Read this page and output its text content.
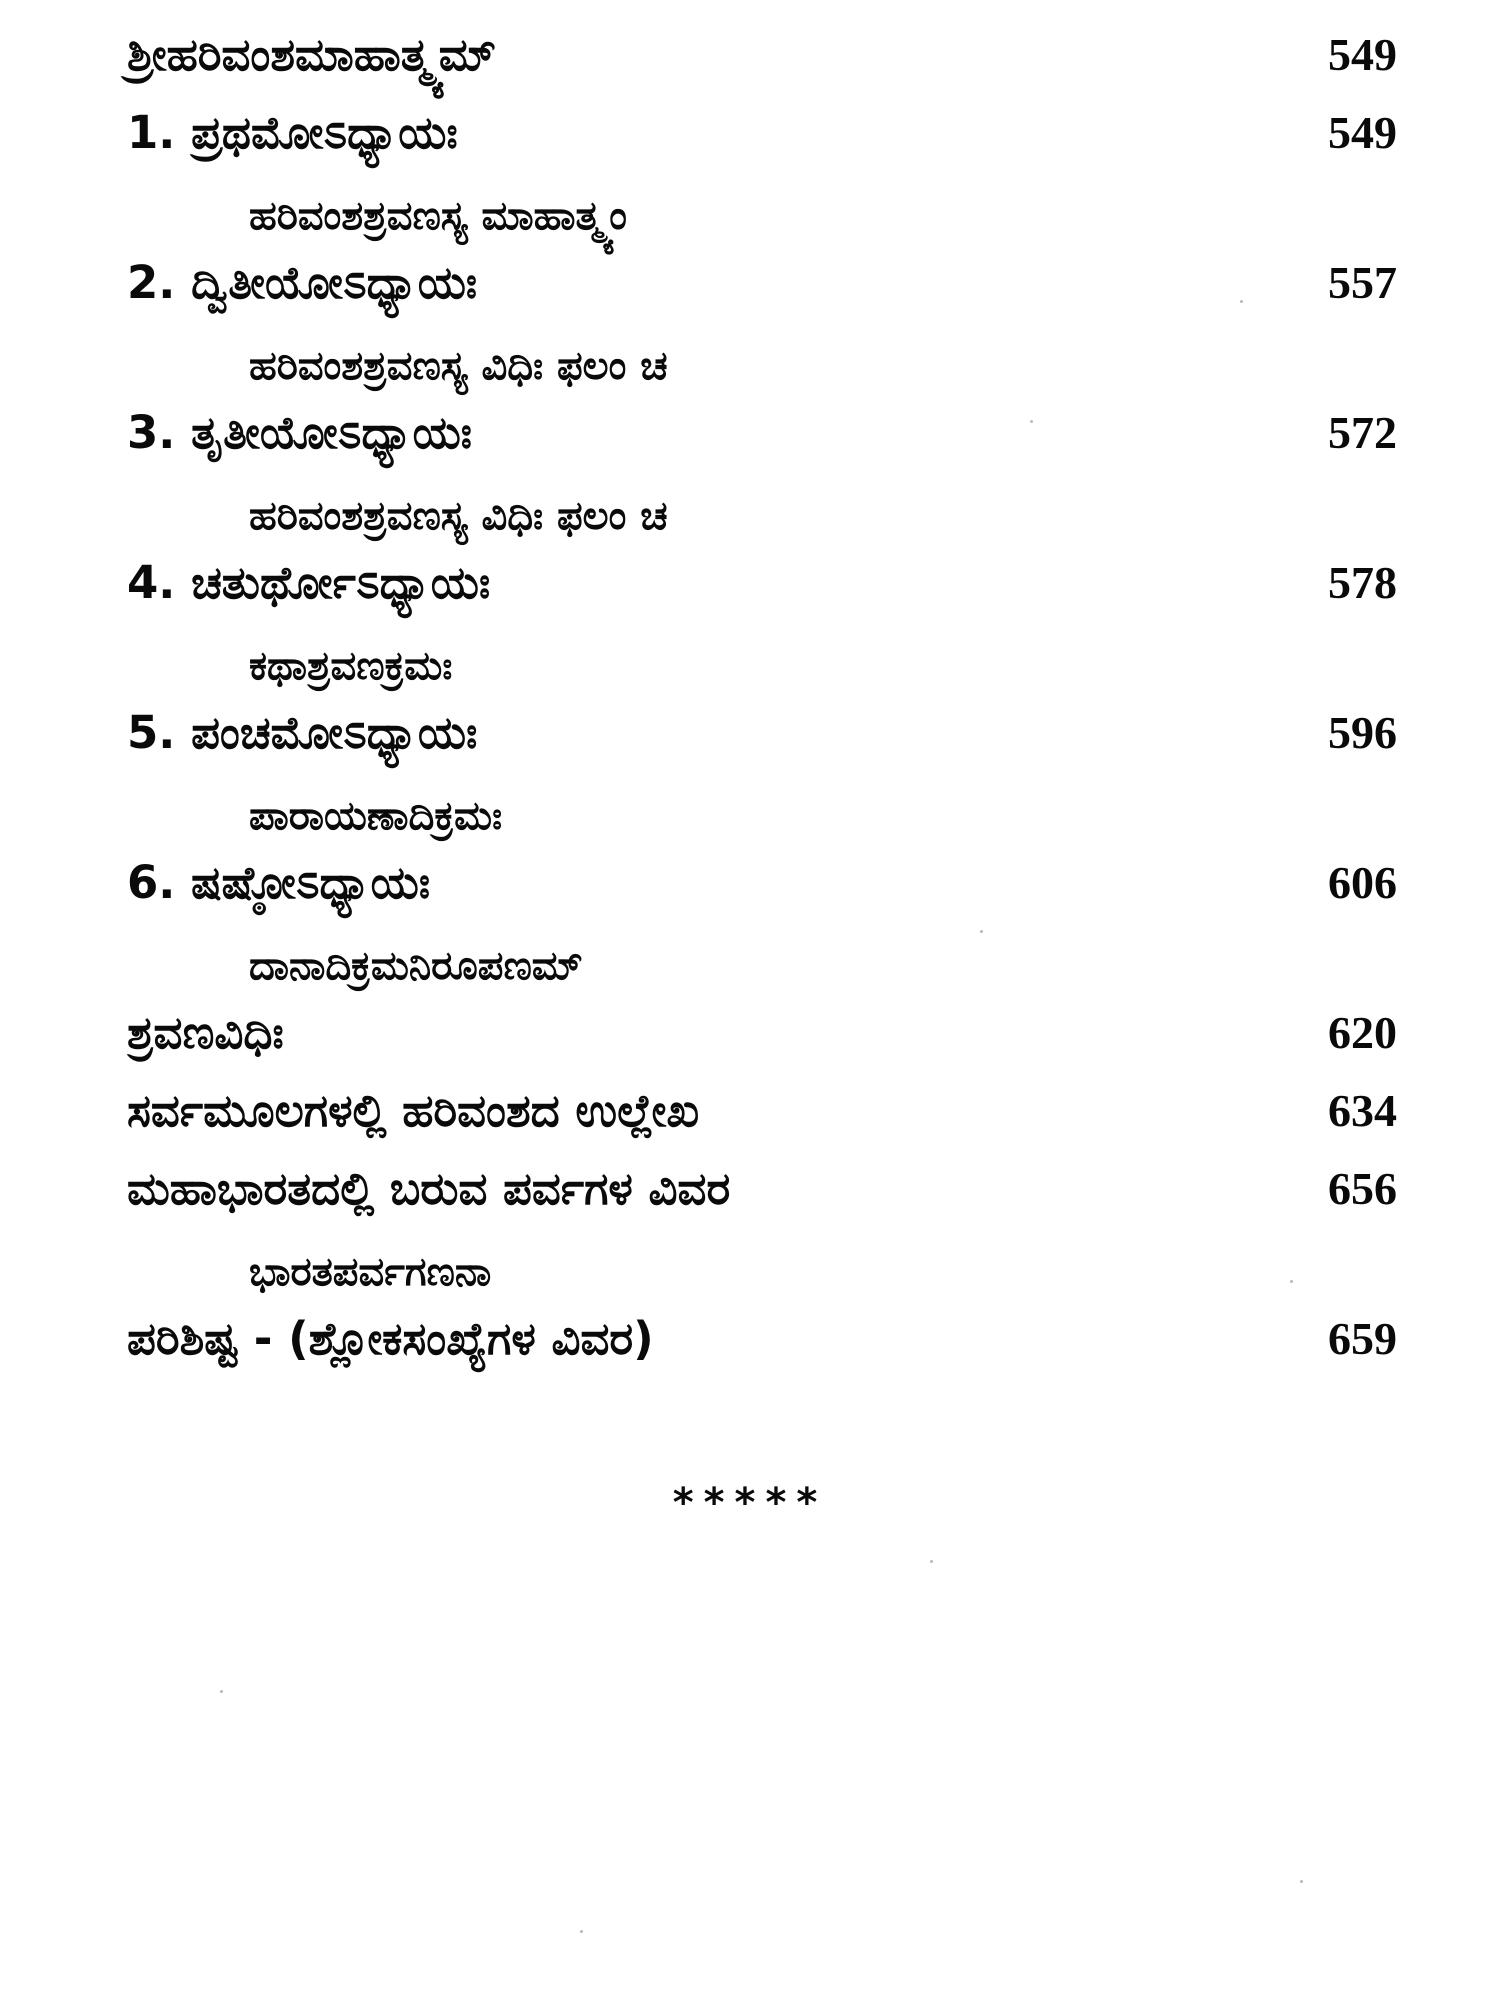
ಶ್ರೀಹರಿವಂಶಮಾಹಾತ್ಮ್ಯಮ್	549
1. ಪ್ರಥಮೋಽಧ್ಯಾಯಃ	549
ಹರಿವಂಶಶ್ರವಣಸ್ಯ ಮಾಹಾತ್ಮ್ಯಂ
2. ದ್ವಿತೀಯೋಽಧ್ಯಾಯಃ	557
ಹರಿವಂಶಶ್ರವಣಸ್ಯ ವಿಧಿಃ ಫಲಂ ಚ
3. ತೃತೀಯೋಽಧ್ಯಾಯಃ	572
ಹರಿವಂಶಶ್ರವಣಸ್ಯ ವಿಧಿಃ ಫಲಂ ಚ
4. ಚತುರ್ಥೋಽಧ್ಯಾಯಃ	578
ಕಥಾಶ್ರವಣಕ್ರಮಃ
5. ಪಂಚಮೋಽಧ್ಯಾಯಃ	596
ಪಾರಾಯಣಾದಿಕ್ರಮಃ
6. ಷಷ್ಠೋಽಧ್ಯಾಯಃ	606
ದಾನಾದಿಕ್ರಮನಿರೂಪಣಮ್
ಶ್ರವಣವಿಧಿಃ	620
ಸರ್ವಮೂಲಗಳಲ್ಲಿ ಹರಿವಂಶದ ಉಲ್ಲೇಖ	634
ಮಹಾಭಾರತದಲ್ಲಿ ಬರುವ ಪರ್ವಗಳ ವಿವರ	656
ಭಾರತಪರ್ವಗಣನಾ
ಪರಿಶಿಷ್ಟ - (ಶ್ಲೋಕಸಂಖ್ಯೆಗಳ ವಿವರ)	659
*****
